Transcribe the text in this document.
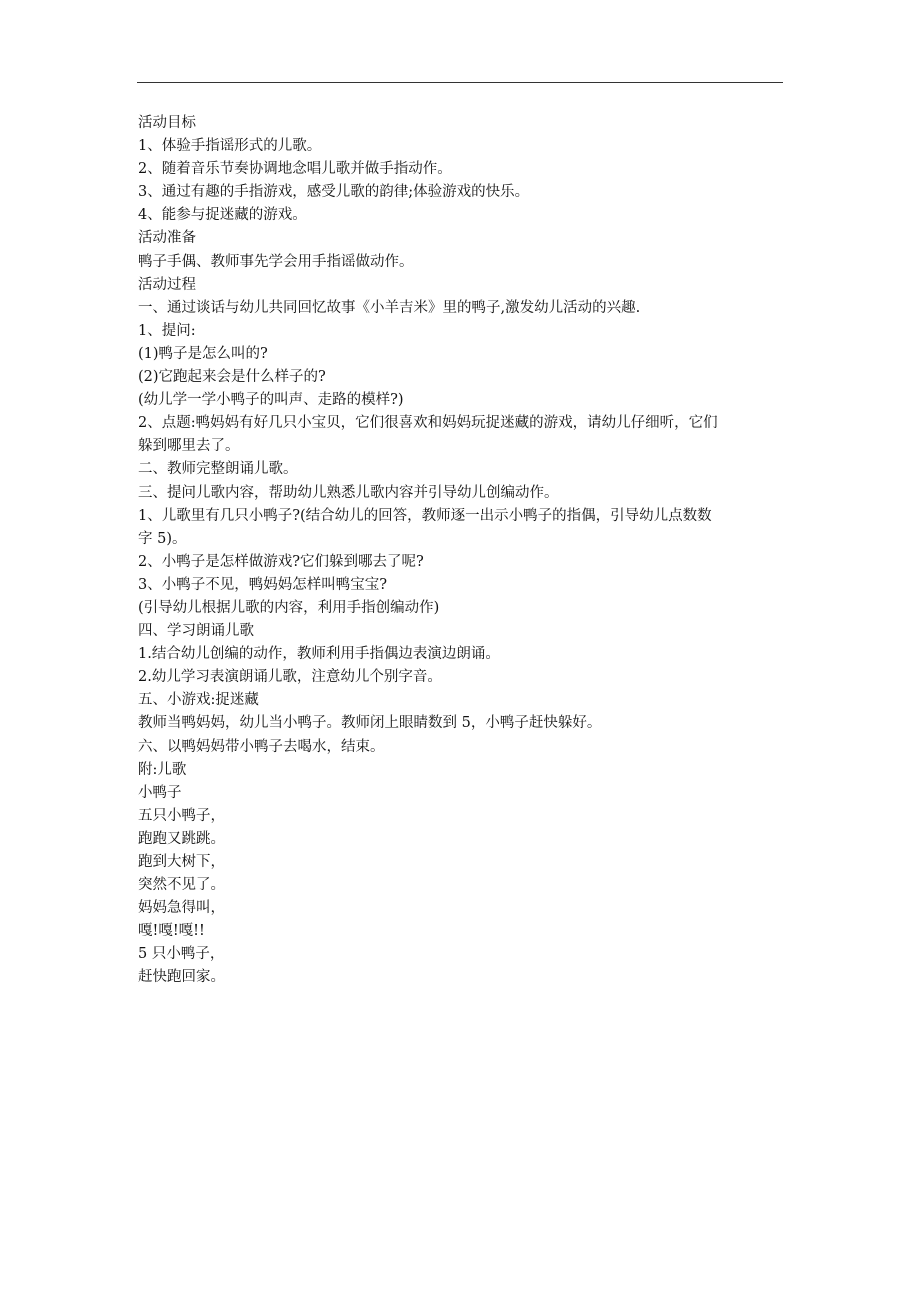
活动目标

1、体验手指谣形式的儿歌。

2、随着音乐节奏协调地念唱儿歌并做手指动作。

3、通过有趣的手指游戏，感受儿歌的韵律;体验游戏的快乐。

4、能参与捉迷藏的游戏。

活动准备

鸭子手偶、教师事先学会用手指谣做动作。

活动过程

一、通过谈话与幼儿共同回忆故事《小羊吉米》里的鸭子,激发幼儿活动的兴趣.

1、提问:

(1)鸭子是怎么叫的?

(2)它跑起来会是什么样子的?

(幼儿学一学小鸭子的叫声、走路的模样?)

2、点题:鸭妈妈有好几只小宝贝，它们很喜欢和妈妈玩捉迷藏的游戏，请幼儿仔细听，它们

躲到哪里去了。

二、教师完整朗诵儿歌。

三、提问儿歌内容，帮助幼儿熟悉儿歌内容并引导幼儿创编动作。

1、儿歌里有几只小鸭子?(结合幼儿的回答，教师逐一出示小鸭子的指偶，引导幼儿点数数

字 5)。

2、小鸭子是怎样做游戏?它们躲到哪去了呢?

3、小鸭子不见，鸭妈妈怎样叫鸭宝宝?

(引导幼儿根据儿歌的内容，利用手指创编动作)

四、学习朗诵儿歌

1.结合幼儿创编的动作，教师利用手指偶边表演边朗诵。

2.幼儿学习表演朗诵儿歌，注意幼儿个别字音。

五、小游戏:捉迷藏

教师当鸭妈妈，幼儿当小鸭子。教师闭上眼睛数到 5，小鸭子赶快躲好。

六、以鸭妈妈带小鸭子去喝水，结束。

附:儿歌

小鸭子

五只小鸭子，

跑跑又跳跳。

跑到大树下，

突然不见了。

妈妈急得叫，

嘎!嘎!嘎!!

5 只小鸭子，

赶快跑回家。
